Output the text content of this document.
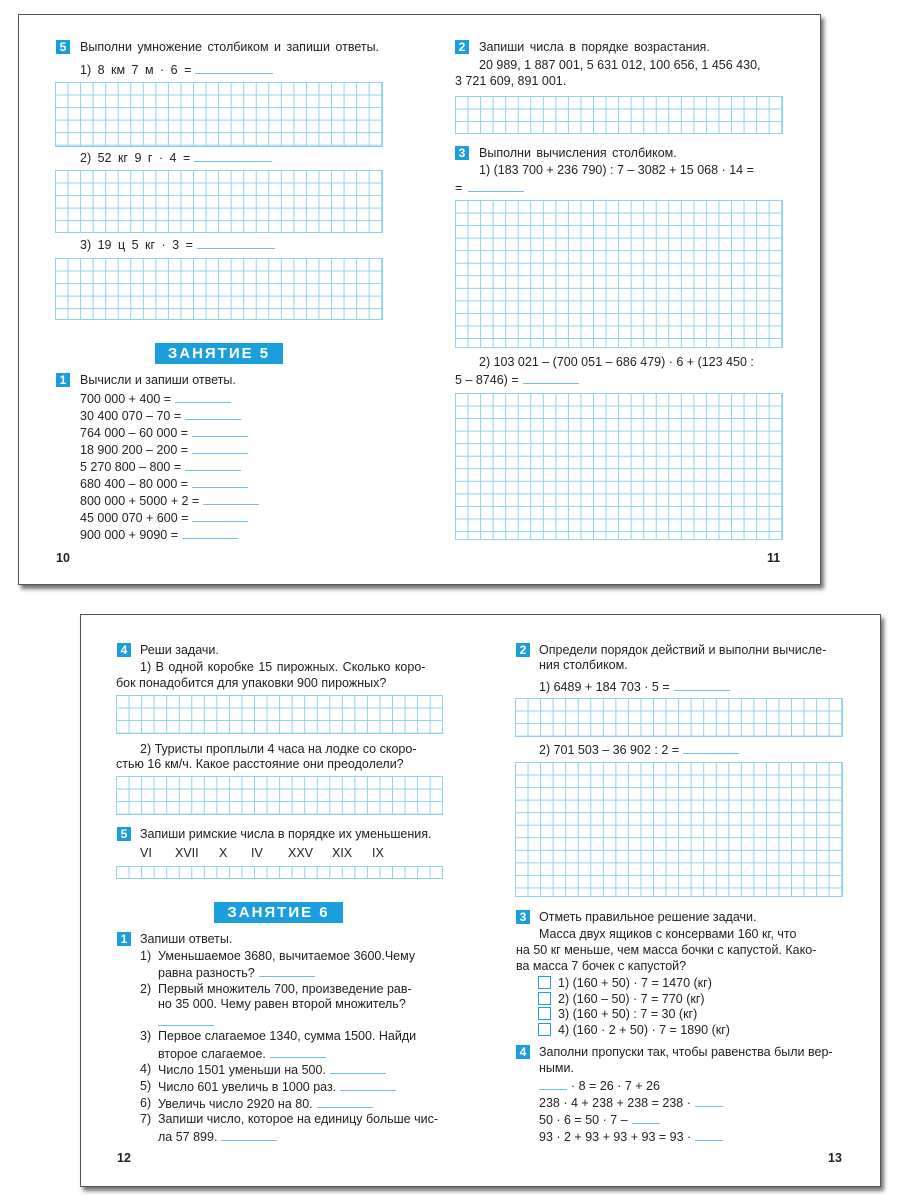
5 Выполни умножение столбиком и запиши ответы.
1) 8 км 7 м · 6 =
2) 52 кг 9 г · 4 =
3) 19 ц 5 кг · 3 =
ЗАНЯТИЕ 5
1 Вычисли и запиши ответы.
700 000 + 400 =
30 400 070 – 70 =
764 000 – 60 000 =
18 900 200 – 200 =
5 270 800 – 800 =
680 400 – 80 000 =
800 000 + 5000 + 2 =
45 000 070 + 600 =
900 000 + 9090 =
10
2 Запиши числа в порядке возрастания.
20 989, 1 887 001, 5 631 012, 100 656, 1 456 430,
3 721 609, 891 001.
3 Выполни вычисления столбиком.
1) (183 700 + 236 790) : 7 – 3082 + 15 068 · 14 =
=
2) 103 021 – (700 051 – 686 479) · 6 + (123 450 :
5 – 8746) =
11
4 Реши задачи.
1) В одной коробке 15 пирожных. Сколько коро-
бок понадобится для упаковки 900 пирожных?
2) Туристы проплыли 4 часа на лодке со скоро-
стью 16 км/ч. Какое расстояние они преодолели?
5 Запиши римские числа в порядке их уменьшения.
VI XVII X IV XXV XIX IX
ЗАНЯТИЕ 6
1 Запиши ответы.
1) Уменьшаемое 3680, вычитаемое 3600.Чему
равна разность?
2) Первый множитель 700, произведение рав-
но 35 000. Чему равен второй множитель?
3) Первое слагаемое 1340, сумма 1500. Найди
второе слагаемое.
4) Число 1501 уменьши на 500.
5) Число 601 увеличь в 1000 раз.
6) Увеличь число 2920 на 80.
7) Запиши число, которое на единицу больше чис-
ла 57 899.
12
2 Определи порядок действий и выполни вычисле-
ния столбиком.
1) 6489 + 184 703 · 5 =
2) 701 503 – 36 902 : 2 =
3 Отметь правильное решение задачи.
Масса двух ящиков с консервами 160 кг, что
на 50 кг меньше, чем масса бочки с капустой. Како-
ва масса 7 бочек с капустой?
1) (160 + 50) · 7 = 1470 (кг)
2) (160 – 50) · 7 = 770 (кг)
3) (160 + 50) : 7 = 30 (кг)
4) (160 · 2 + 50) · 7 = 1890 (кг)
4 Заполни пропуски так, чтобы равенства были вер-
ными.
· 8 = 26 · 7 + 26
238 · 4 + 238 + 238 = 238 ·
50 · 6 = 50 · 7 –
93 · 2 + 93 + 93 + 93 = 93 ·
13
